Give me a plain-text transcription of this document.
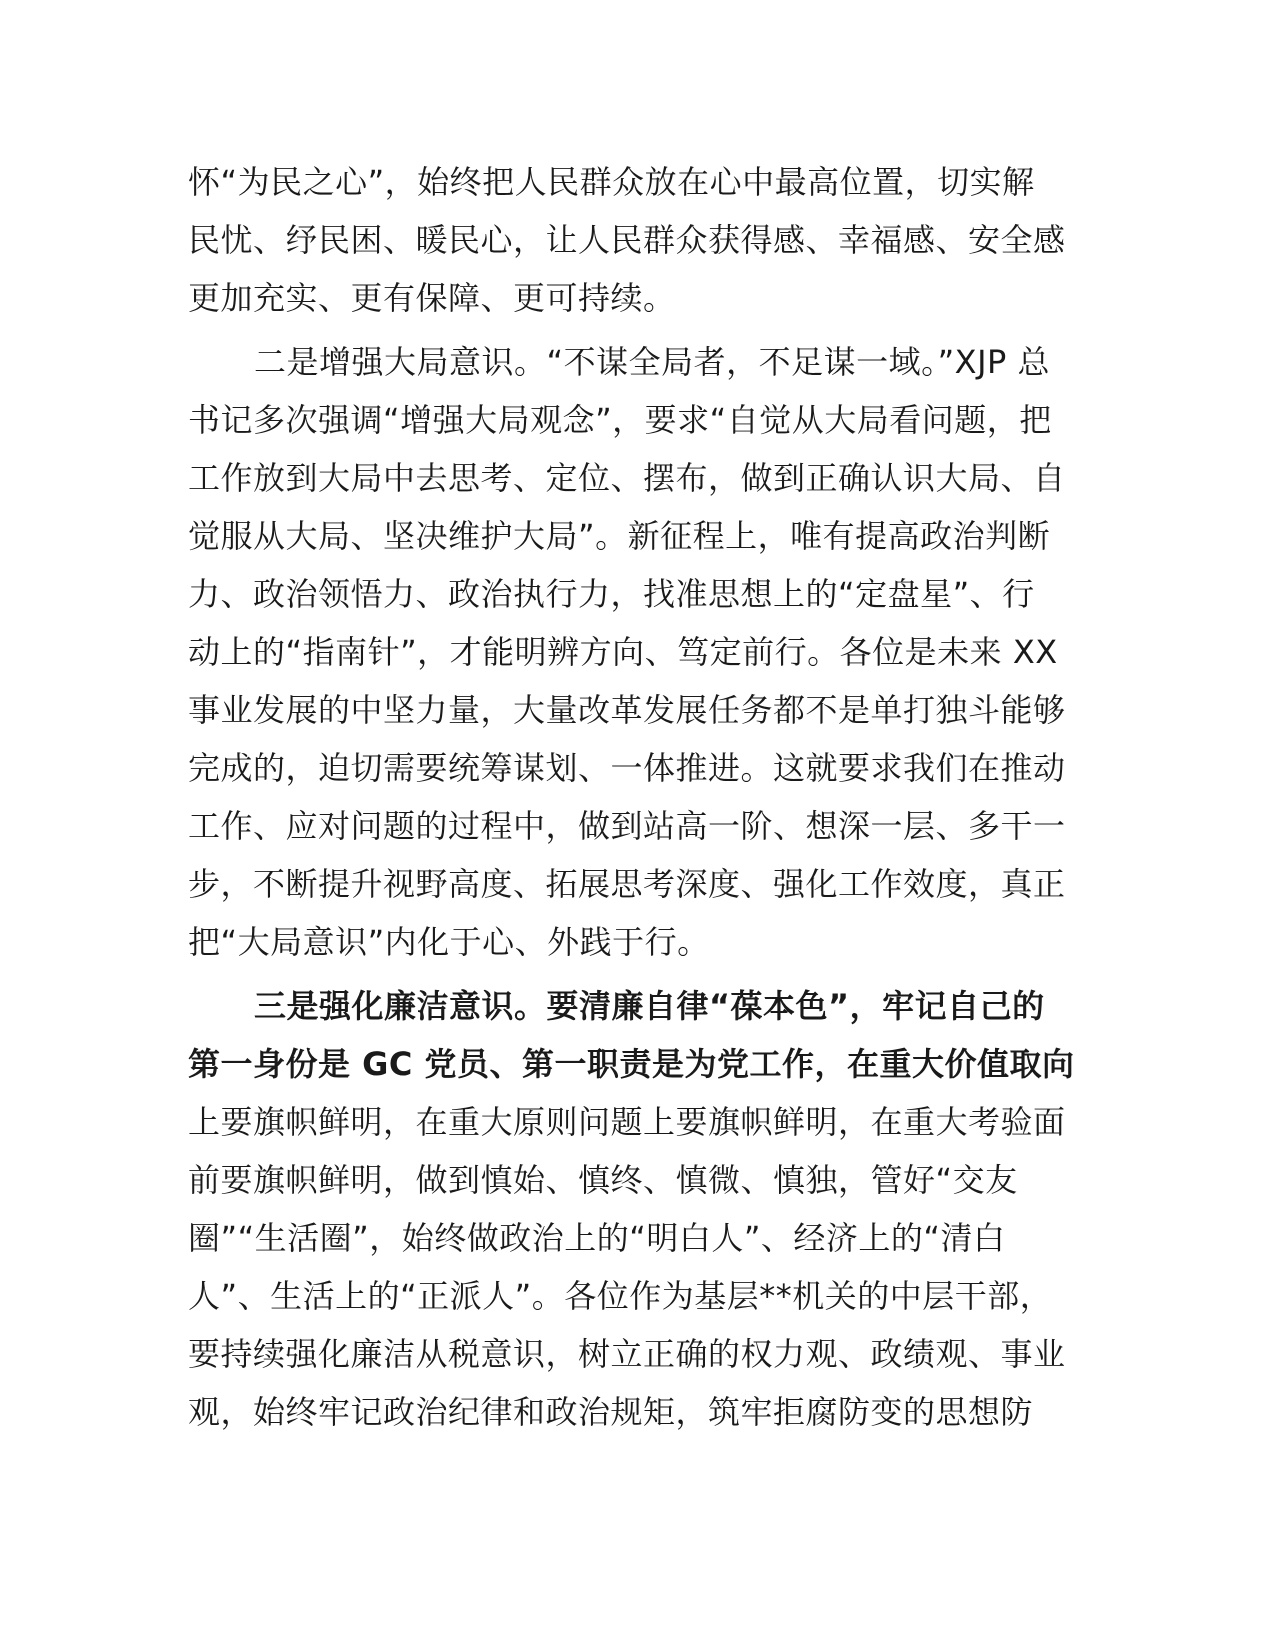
怀“为民之心”，始终把人民群众放在心中最高位置，切实解
民忧、纾民困、暖民心，让人民群众获得感、幸福感、安全感
更加充实、更有保障、更可持续。
二是增强大局意识。“不谋全局者，不足谋一域。”XJP 总
书记多次强调“增强大局观念”，要求“自觉从大局看问题，把
工作放到大局中去思考、定位、摆布，做到正确认识大局、自
觉服从大局、坚决维护大局”。新征程上，唯有提高政治判断
力、政治领悟力、政治执行力，找准思想上的“定盘星”、行
动上的“指南针”，才能明辨方向、笃定前行。各位是未来 XX
事业发展的中坚力量，大量改革发展任务都不是单打独斗能够
完成的，迫切需要统筹谋划、一体推进。这就要求我们在推动
工作、应对问题的过程中，做到站高一阶、想深一层、多干一
步，不断提升视野高度、拓展思考深度、强化工作效度，真正
把“大局意识”内化于心、外践于行。
三是强化廉洁意识。要清廉自律“葆本色”，牢记自己的
第一身份是 GC 党员、第一职责是为党工作，在重大价值取向
上要旗帜鲜明，在重大原则问题上要旗帜鲜明，在重大考验面
前要旗帜鲜明，做到慎始、慎终、慎微、慎独，管好“交友
圈”“生活圈”，始终做政治上的“明白人”、经济上的“清白
人”、生活上的“正派人”。各位作为基层**机关的中层干部，
要持续强化廉洁从税意识，树立正确的权力观、政绩观、事业
观，始终牢记政治纪律和政治规矩，筑牢拒腐防变的思想防
